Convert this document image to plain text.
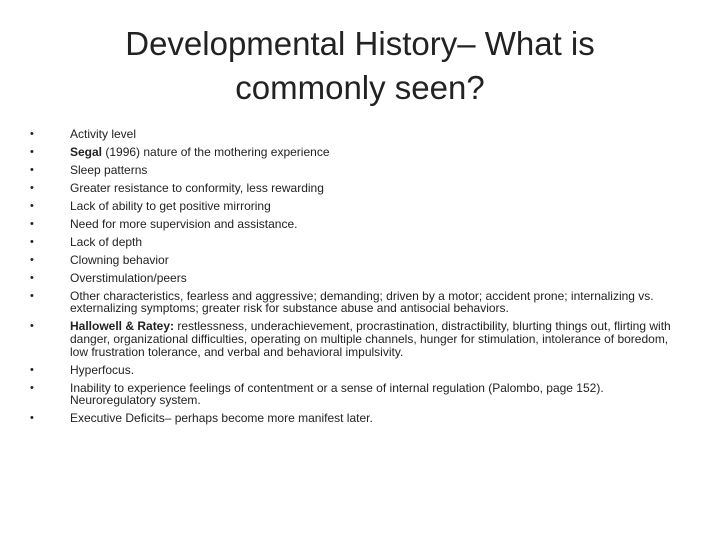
Developmental History– What is commonly seen?
•	Activity level
•	Segal (1996) nature of the mothering experience
•	Sleep patterns
•	Greater resistance to conformity, less rewarding
•	Lack of ability to get positive mirroring
•	Need for more supervision and assistance.
•	Lack of depth
•	Clowning behavior
•	Overstimulation/peers
•	Other characteristics, fearless and aggressive; demanding; driven by a motor; accident prone; internalizing vs. externalizing symptoms; greater risk for substance abuse and antisocial behaviors.
•	Hallowell & Ratey: restlessness, underachievement, procrastination, distractibility, blurting things out, flirting with danger, organizational difficulties, operating on multiple channels, hunger for stimulation, intolerance of boredom, low frustration tolerance, and verbal and behavioral impulsivity.
•	Hyperfocus.
•	Inability to experience feelings of contentment or a sense of internal regulation (Palombo, page 152). Neuroregulatory system.
•	Executive Deficits– perhaps become more manifest later.
